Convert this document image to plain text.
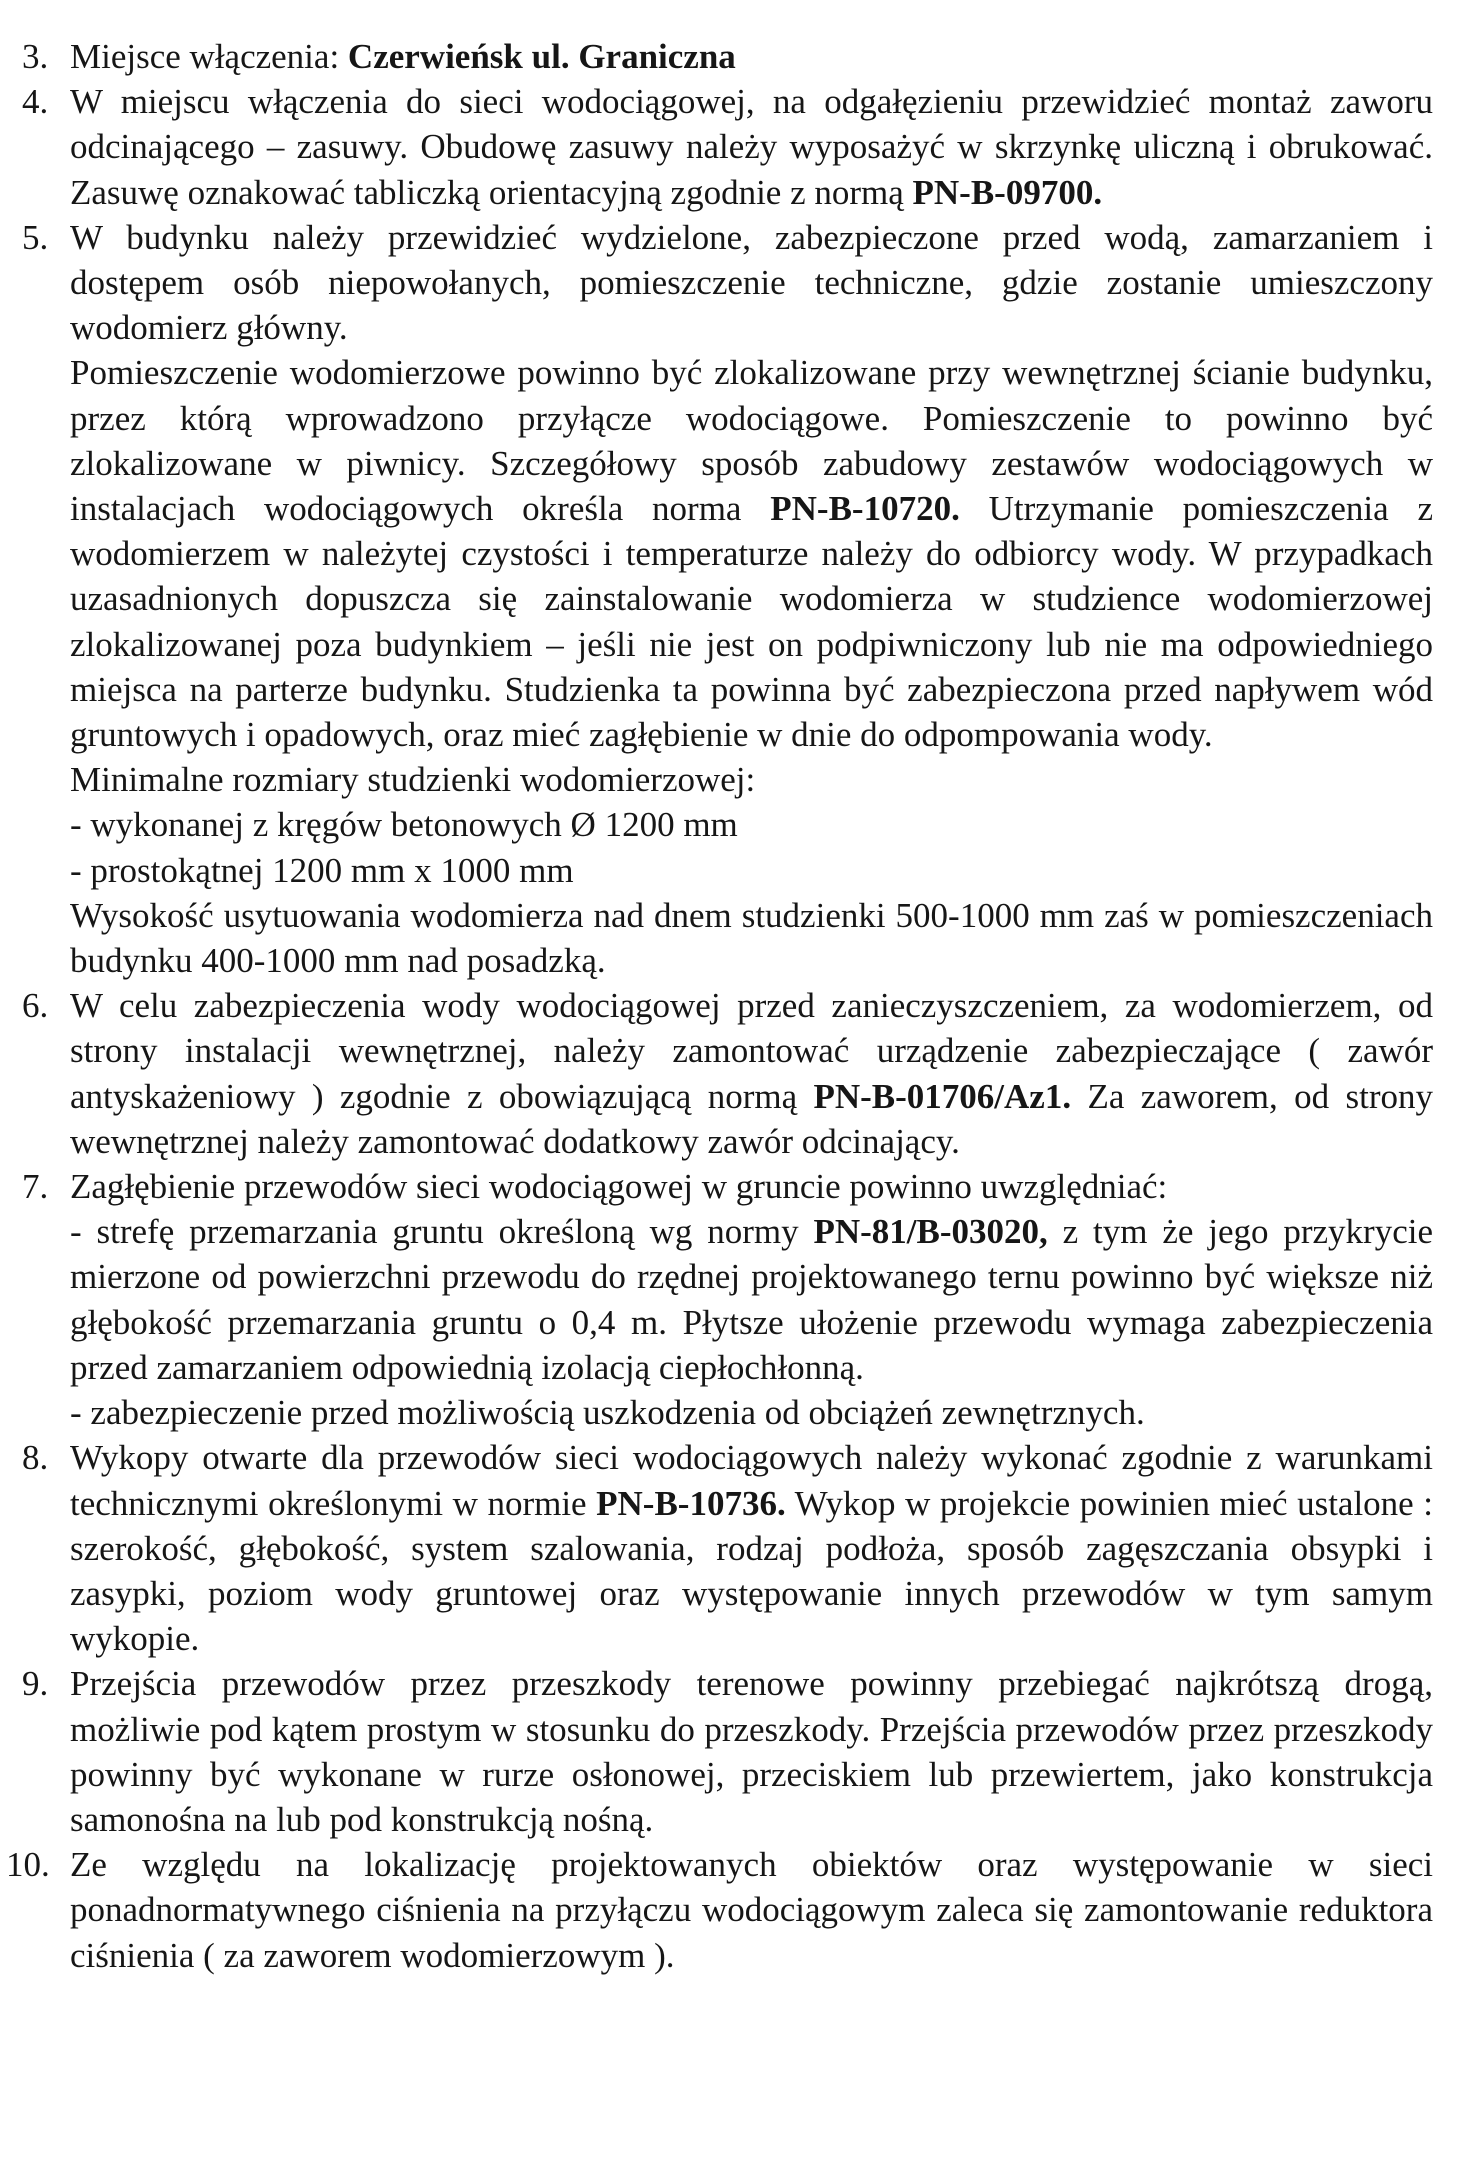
3. Miejsce włączenia: Czerwieńsk ul. Graniczna
4. W miejscu włączenia do sieci wodociągowej, na odgałęzieniu przewidzieć montaż zaworu odcinającego – zasuwy. Obudowę zasuwy należy wyposażyć w skrzynkę uliczną i obrukować. Zasuwę oznakować tabliczką orientacyjną zgodnie z normą PN-B-09700.
5. W budynku należy przewidzieć wydzielone, zabezpieczone przed wodą, zamarzaniem i dostępem osób niepowołanych, pomieszczenie techniczne, gdzie zostanie umieszczony wodomierz główny.
Pomieszczenie wodomierzowe powinno być zlokalizowane przy wewnętrznej ścianie budynku, przez którą wprowadzono przyłącze wodociągowe. Pomieszczenie to powinno być zlokalizowane w piwnicy. Szczegółowy sposób zabudowy zestawów wodociągowych w instalacjach wodociągowych określa norma PN-B-10720. Utrzymanie pomieszczenia z wodomierzem w należytej czystości i temperaturze należy do odbiorcy wody. W przypadkach uzasadnionych dopuszcza się zainstalowanie wodomierza w studzience wodomierzowej zlokalizowanej poza budynkiem – jeśli nie jest on podpiwniczony lub nie ma odpowiedniego miejsca na parterze budynku. Studzienka ta powinna być zabezpieczona przed napływem wód gruntowych i opadowych, oraz mieć zagłębienie w dnie do odpompowania wody.
Minimalne rozmiary studzienki wodomierzowej:
- wykonanej z kręgów betonowych Ø 1200 mm
- prostokątnej 1200 mm x 1000 mm
Wysokość usytuowania wodomierza nad dnem studzienki 500-1000 mm zaś w pomieszczeniach budynku 400-1000 mm nad posadzką.
6. W celu zabezpieczenia wody wodociągowej przed zanieczyszczeniem, za wodomierzem, od strony instalacji wewnętrznej, należy zamontować urządzenie zabezpieczające ( zawór antyskażeniowy ) zgodnie z obowiązującą normą PN-B-01706/Az1. Za zaworem, od strony wewnętrznej należy zamontować dodatkowy zawór odcinający.
7. Zagłębienie przewodów sieci wodociągowej w gruncie powinno uwzględniać:
- strefę przemarzania gruntu określoną wg normy PN-81/B-03020, z tym że jego przykrycie mierzone od powierzchni przewodu do rzędnej projektowanego ternu powinno być większe niż głębokość przemarzania gruntu o 0,4 m. Płytsze ułożenie przewodu wymaga zabezpieczenia przed zamarzaniem odpowiednią izolacją ciepłochłonną.
- zabezpieczenie przed możliwością uszkodzenia od obciążeń zewnętrznych.
8. Wykopy otwarte dla przewodów sieci wodociągowych należy wykonać zgodnie z warunkami technicznymi określonymi w normie PN-B-10736. Wykop w projekcie powinien mieć ustalone : szerokość, głębokość, system szalowania, rodzaj podłoża, sposób zagęszczania obsypki i zasypki, poziom wody gruntowej oraz występowanie innych przewodów w tym samym wykopie.
9. Przejścia przewodów przez przeszkody terenowe powinny przebiegać najkrótszą drogą, możliwie pod kątem prostym w stosunku do przeszkody. Przejścia przewodów przez przeszkody powinny być wykonane w rurze osłonowej, przeciskiem lub przewiertem, jako konstrukcja samonośna na lub pod konstrukcją nośną.
10. Ze względu na lokalizację projektowanych obiektów oraz występowanie w sieci ponadnormatywnego ciśnienia na przyłączu wodociągowym zaleca się zamontowanie reduktora ciśnienia ( za zaworem wodomierzowym ).
